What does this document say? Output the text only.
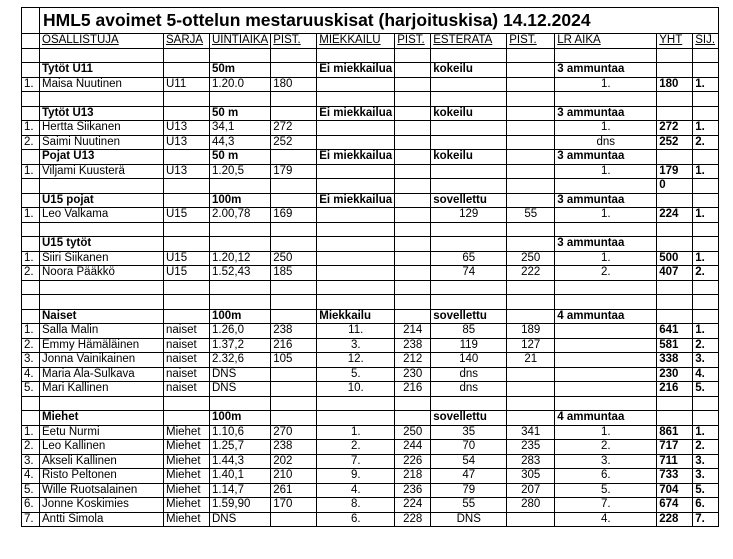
	HML5 avoimet 5-ottelun mestaruuskisat (harjoituskisa) 14.12.2024										
	OSALLISTUJA	SARJA	UINTIAIKA	PIST.	MIEKKAILU	PIST.	ESTERATA	PIST.	LR AIKA	YHT	SIJ.

	Tytöt U11		50m		Ei miekkailua		kokeilu		3 ammuntaa		
1.	Maisa Nuutinen	U11	1.20.0	180					1.	180	1.

	Tytöt U13		50 m		Ei miekkailua		kokeilu		3 ammuntaa		
1.	Hertta Siikanen	U13	34,1	272					1.	272	1.
2.	Saimi Nuutinen	U13	44,3	252					dns	252	2.
	Pojat U13		50 m		Ei miekkailua		kokeilu		3 ammuntaa		
1.	Viljami Kuusterä	U13	1.20,5	179					1.	179	1.
										0	
	U15 pojat		100m		Ei miekkailua		sovellettu		3 ammuntaa		
1.	Leo Valkama	U15	2.00,78	169			129	55	1.	224	1.

	U15 tytöt								3 ammuntaa		
1.	Siiri Siikanen	U15	1.20,12	250			65	250	1.	500	1.
2.	Noora Pääkkö	U15	1.52,43	185			74	222	2.	407	2.

	Naiset		100m		Miekkailu		sovellettu		4 ammuntaa		
1.	Salla Malin	naiset	1.26,0	238	11.	214	85	189		641	1.
2.	Emmy Hämäläinen	naiset	1.37,2	216	3.	238	119	127		581	2.
3.	Jonna Vainikainen	naiset	2.32,6	105	12.	212	140	21		338	3.
4.	Maria Ala-Sulkava	naiset	DNS		5.	230	dns			230	4.
5.	Mari Kallinen	naiset	DNS		10.	216	dns			216	5.

	Miehet		100m				sovellettu		4 ammuntaa		
1.	Eetu Nurmi	Miehet	1.10,6	270	1.	250	35	341	1.	861	1.
2.	Leo Kallinen	Miehet	1.25,7	238	2.	244	70	235	2.	717	2.
3.	Akseli Kallinen	Miehet	1.44,3	202	7.	226	54	283	3.	711	3.
4.	Risto Peltonen	Miehet	1.40,1	210	9.	218	47	305	6.	733	3.
5.	Wille Ruotsalainen	Miehet	1.14,7	261	4.	236	79	207	5.	704	5.
6.	Jonne Koskimies	Miehet	1.59,90	170	8.	224	55	280	7.	674	6.
7.	Antti Simola	Miehet	DNS		6.	228	DNS		4.	228	7.
